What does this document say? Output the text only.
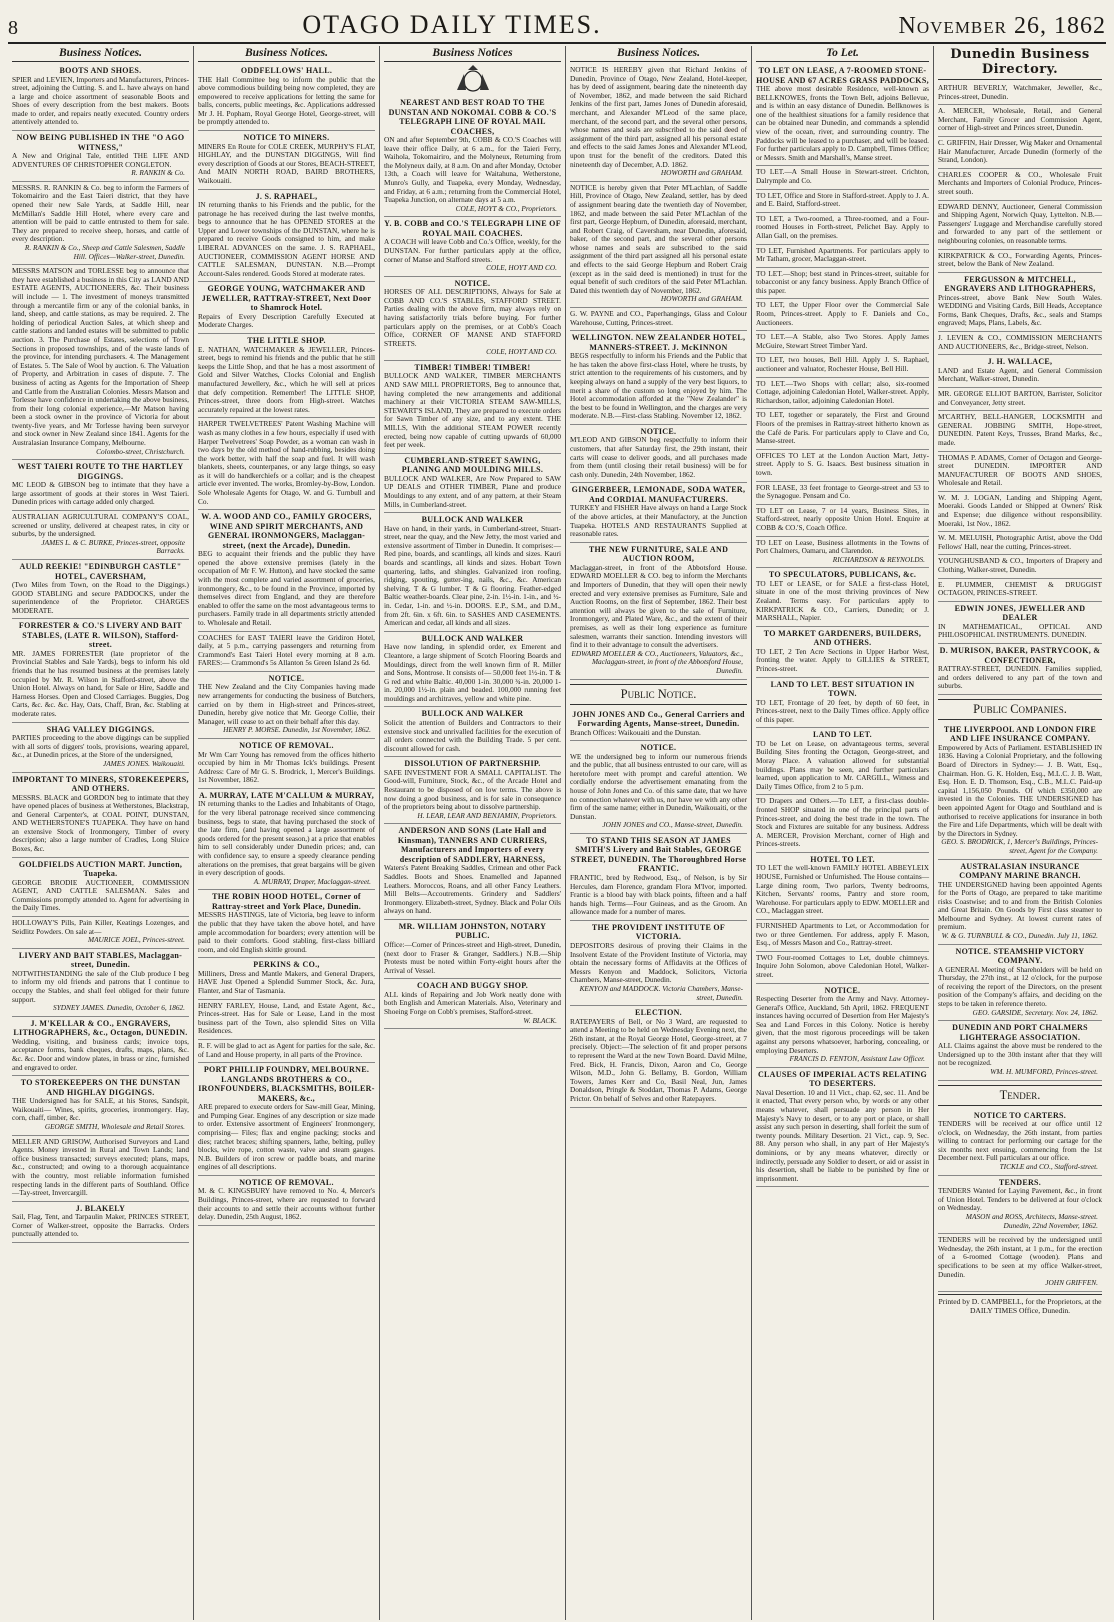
8	OTAGO DAILY TIMES.	November 26, 1862
Business Notices.
BOOTS AND SHOES.
SPIER and LEVIEN, Importers and Manufacturers, Princes-street, adjoining the Cutting. S. and L. have always on hand a large and choice assortment of seasonable Boots and Shoes of every description from the best makers. Boots made to order, and repairs neatly executed. Country orders attentively attended to.
NOW BEING PUBLISHED IN THE "O AGO WITNESS,"
A New and Original Tale, entitled THE LIFE AND ADVENTURES OF CHRISTOPHER CONGLETON.
R. RANKIN & Co.
MESSRS. R. RANKIN & Co. beg to inform the Farmers of Tokomairiro and the East Taieri district, that they have opened their new Sale Yards, at Saddle Hill, near McMillan's Saddle Hill Hotel, where every care and attention will be paid to cattle entrusted to them for sale. They are prepared to receive sheep, horses, and cattle of every description.
R. RANKIN & Co., Sheep and Cattle Salesmen, Saddle Hill. Offices—Walker-street, Dunedin.
MESSRS MATSON and TORLESSE beg to announce that they have established a business in this City as LAND AND ESTATE AGENTS, AUCTIONEERS, &c. Their business will include — 1. The investment of moneys transmitted through a mercantile firm or any of the colonial banks, in land, sheep, and cattle stations, as may be required. 2. The holding of periodical Auction Sales, at which sheep and cattle stations and landed estates will be submitted to public auction. 3. The Purchase of Estates, selections of Town Sections in proposed townships, and of the waste lands of the province, for intending purchasers. 4. The Management of Estates. 5. The Sale of Wool by auction. 6. The Valuation of Property, and Arbitration in cases of dispute. 7. The business of acting as Agents for the Importation of Sheep and Cattle from the Australian Colonies. Messrs Matson and Torlesse have confidence in undertaking the above business, from their long colonial experience,—Mr Matson having been a stock owner in the province of Victoria for about twenty-five years, and Mr Torlesse having been surveyor and stock owner in New Zealand since 1841. Agents for the Australasian Insurance Company, Melbourne.
Colombo-street, Christchurch.
WEST TAIERI ROUTE TO THE HARTLEY DIGGINGS.
MC LEOD & GIBSON beg to intimate that they have a large assortment of goods at their stores in West Taieri. Dunedin prices with cartage added only charged.
AUSTRALIAN AGRICULTURAL COMPANY'S COAL, screened or unslity, delivered at cheapest rates, in city or suburbs, by the undersigned.
JAMES L. & C. BURKE, Princes-street, opposite Barracks.
AULD REEKIE! "EDINBURGH CASTLE" HOTEL, CAVERSHAM,
(Two Miles from Town, on the Road to the Diggings.) GOOD STABLING and secure PADDOCKS, under the superintendence of the Proprietor. CHARGES MODERATE.
FORRESTER & CO.'S LIVERY AND BAIT STABLES, (LATE R. WILSON), Stafford-street.
MR. JAMES FORRESTER (late proprietor of the Provincial Stables and Sale Yards), begs to inform his old friends that he has resumed business at the premises lately occupied by Mr. R. Wilson in Stafford-street, above the Union Hotel. Always on hand, for Sale or Hire, Saddle and Harness Horses. Open and Closed Carriages. Buggies, Dog Carts, &c. &c. &c. Hay, Oats, Chaff, Bran, &c. Stabling at moderate rates.
SHAG VALLEY DIGGINGS.
PARTIES proceeding to the above diggings can be supplied with all sorts of diggers' tools, provisions, wearing apparel, &c., at Dunedin prices, at the Store of the undersigned,
JAMES JONES. Waikouaiti.
IMPORTANT TO MINERS, STOREKEEPERS, AND OTHERS.
MESSRS. BLACK and GORDON beg to intimate that they have opened places of business at Wetherstones, Blackstrap, and General Carpenter's, at COAL POINT, DUNSTAN, AND WETHERSTONE'S TUAPEKA. They have on hand an extensive Stock of Ironmongery, Timber of every description; also a large number of Cradles, Long Sluice Boxes, &c.
GOLDFIELDS AUCTION MART. Junction, Tuapeka.
GEORGE BRODIE AUCTIONEER, COMMISSION AGENT, AND CATTLE SALESMAN. Sales and Commissions promptly attended to. Agent for advertising in the Daily Times.
HOLLOWAY'S Pills, Pain Killer, Keatings Lozenges, and Seidlitz Powders. On sale at—
MAURICE JOEL, Princes-street.
LIVERY AND BAIT STABLES, Maclaggan-street, Dunedin.
NOTWITHSTANDING the sale of the Club produce I beg to inform my old friends and patrons that I continue to occupy the Stables, and shall feel obliged for their future support.
SYDNEY JAMES. Dunedin, October 6, 1862.
J. M'KELLAR & CO., ENGRAVERS, LITHOGRAPHERS, &c., Octagon, DUNEDIN.
Wedding, visiting, and business cards; invoice tops, acceptance forms, bank cheques, drafts, maps, plans, &c. &c. &c. Door and window plates, in brass or zinc, furnished and engraved to order.
TO STOREKEEPERS ON THE DUNSTAN AND HIGHLAY DIGGINGS.
THE Undersigned has for SALE, at his Stores, Sandspit, Waikouaiti— Wines, spirits, groceries, ironmongery. Hay, corn, chaff, timber, &c.
GEORGE SMITH, Wholesale and Retail Stores.
MELLER AND GRISOW, Authorised Surveyors and Land Agents. Money invested in Rural and Town Lands; land office business transacted; surveys executed; plans, maps, &c., constructed; and owing to a thorough acquaintance with the country, most reliable information furnished respecting lands in the different parts of Southland. Office—Tay-street, Invercargill.
J. BLAKELY
Sail, Flag, Tent, and Tarpaulin Maker, PRINCES STREET, Corner of Walker-street, opposite the Barracks. Orders punctually attended to.
Business Notices.
ODDFELLOWS' HALL.
THE Hall Committee beg to inform the public that the above commodious building being now completed, they are empowered to receive applications for letting the same for balls, concerts, public meetings, &c. Applications addressed Mr J. H. Popham, Royal George Hotel, George-street, will be promptly attended to.
NOTICE TO MINERS.
MINERS En Route for COLE CREEK, MURPHY'S FLAT, HIGHLAY, and the DUNSTAN DIGGINGS, Will find every description of Goods at our Stores, BEACH-STREET, And MAIN NORTH ROAD, BAIRD BROTHERS, Waikouaiti.
J. S. RAPHAEL,
IN returning thanks to his Friends and the public, for the patronage he has received during the last twelve months, begs to announce that he has OPENED STORES at the Upper and Lower townships of the DUNSTAN, where he is prepared to receive Goods consigned to him, and make LIBERAL ADVANCES on the same. J. S. RAPHAEL, AUCTIONEER, COMMISSION AGENT HORSE AND CATTLE SALESMAN, DUNSTAN. N.B.—Prompt Account-Sales rendered. Goods Stored at moderate rates.
GEORGE YOUNG, WATCHMAKER AND JEWELLER, RATTRAY-STREET, Next Door to Shamrock Hotel.
Repairs of Every Description Carefully Executed at Moderate Charges.
THE LITTLE SHOP.
E. NATHAN, WATCHMAKER & JEWELLER, Princes-street, begs to remind his friends and the public that he still keeps the Little Shop, and that he has a most assortment of Gold and Silver Watches, Clocks Colonial and English manufactured Jewellery, &c., which he will sell at prices that defy competition. Remember! The LITTLE SHOP, Princes-street, three doors from High-street. Watches accurately repaired at the lowest rates.
HARPER TWELVETREES' Patent Washing Machine will wash as many clothes in a few hours, especially if used with Harper Twelvetrees' Soap Powder, as a woman can wash in two days by the old method of hand-rubbing, besides doing the work better, with half the soap and fuel. It will wash blankets, sheets, counterpanes, or any large things, so easy as it will do handkerchiefs or a collar; and is the cheapest article ever invented. The works, Bromley-by-Bow, London. Sole Wholesale Agents for Otago, W. and G. Turnbull and Co.
W. A. WOOD AND CO., FAMILY GROCERS, WINE AND SPIRIT MERCHANTS, AND GENERAL IRONMONGERS, Maclaggan-street, (next the Arcade), Dunedin.
BEG to acquaint their friends and the public they have opened the above extensive premises (lately in the occupation of Mr F. W. Hutton), and have stocked the same with the most complete and varied assortment of groceries, ironmongery, &c., to be found in the Province, imported by themselves direct from England, and they are therefore enabled to offer the same on the most advantageous terms to purchasers. Family trade in all departments strictly attended to. Wholesale and Retail.
COACHES for EAST TAIERI leave the Gridiron Hotel, daily, at 5 p.m., carrying passengers and returning from Crammond's East Taieri Hotel every morning at 8 a.m. FARES:— Crammond's 5s Allanton 5s Green Island 2s 6d.
NOTICE.
THE New Zealand and the City Companies having made new arrangements for conducting the business of Butchers, carried on by them in High-street and Princes-street, Dunedin, hereby give notice that Mr. George Collie, their Manager, will cease to act on their behalf after this day.
HENRY P. MORSE. Dunedin, 1st November, 1862.
NOTICE OF REMOVAL.
Mr Wm Carr Young has removed from the offices hitherto occupied by him in Mr Thomas Ick's buildings. Present Address: Care of Mr G. S. Brodrick, 1, Mercer's Buildings. 1st November, 1862.
A. MURRAY, LATE M'CALLUM & MURRAY,
IN returning thanks to the Ladies and Inhabitants of Otago, for the very liberal patronage received since commencing business, begs to state, that having purchased the stock of the late firm, (and having opened a large assortment of goods ordered for the present season,) at a price that enables him to sell considerably under Dunedin prices; and, can with confidence say, to ensure a speedy clearance pending alterations on the premises, that great bargains will be given in every description of goods.
A. MURRAY, Draper, Maclaggan-street.
THE ROBIN HOOD HOTEL, Corner of Rattray-street and York Place, Dunedin.
MESSRS HASTINGS, late of Victoria, beg leave to inform the public that they have taken the above hotel, and have ample accommodation for boarders; every attention will be paid to their comforts. Good stabling, first-class billiard room, and old English skittle ground.
PERKINS & CO.,
Milliners, Dress and Mantle Makers, and General Drapers, HAVE Just Opened a Splendid Summer Stock, &c. Jura, Flanter, and Star of Tasmania.
HENRY FARLEY, House, Land, and Estate Agent, &c., Princes-street. Has for Sale or Lease, Land in the most business part of the Town, also splendid Sites on Villa Residences.
R. F. will be glad to act as Agent for parties for the sale, &c. of Land and House property, in all parts of the Province.
PORT PHILLIP FOUNDRY, MELBOURNE. LANGLANDS BROTHERS & CO., IRONFOUNDERS, BLACKSMITHS, BOILER-MAKERS, &c.,
ARE prepared to execute orders for Saw-mill Gear, Mining, and Pumping Gear. Engines of any description or size made to order. Extensive assortment of Engineers' Ironmongery, comprising— Files; flax and engine packing; stocks and dies; ratchet braces; shifting spanners, lathe, belting, pulley blocks, wire rope, cotton waste, valve and steam gauges. N.B. Builders of iron screw or paddle boats, and marine engines of all descriptions.
NOTICE OF REMOVAL.
M. & C. KINGSBURY have removed to No. 4, Mercer's Buildings, Princes-street, where are requested to forward their accounts to and settle their accounts without further delay. Dunedin, 25th August, 1862.
Business Notices
NEAREST AND BEST ROAD TO THE DUNSTAN AND NOKOMAI. COBB & CO.'S TELEGRAPH LINE OF ROYAL MAIL COACHES,
ON and after September 9th, COBB & CO.'S Coaches will leave their office Daily, at 6 a.m., for the Taieri Ferry, Waihola, Tokomairiro, and the Molyneux, Returning from the Molyneux daily, at 8 a.m. On and after Monday, October 13th, a Coach will leave for Waitahuna, Wetherstone, Munro's Gully, and Tuapeka, every Monday, Wednesday, and Friday, at 6 a.m.; returning from the Commercial Hotel, Tuapeka Junction, on alternate days at 5 a.m.
COLE, HOYT & CO., Proprietors.
Y. B. COBB and CO.'S TELEGRAPH LINE OF ROYAL MAIL COACHES.
A COACH will leave Cobb and Co.'s Office, weekly, for the DUNSTAN. For further particulars apply at the office, corner of Manse and Stafford streets.
COLE, HOYT AND CO.
NOTICE.
HORSES OF ALL DESCRIPTIONS, Always for Sale at COBB AND CO.'S STABLES, STAFFORD STREET. Parties dealing with the above firm, may always rely on having satisfactorily trials before buying. For further particulars apply on the premises, or at Cobb's Coach Office, CORNER OF MANSE AND STAFFORD STREETS.
COLE, HOYT AND CO.
TIMBER! TIMBER! TIMBER!
BULLOCK AND WALKER, TIMBER MERCHANTS AND SAW MILL PROPRIETORS, Beg to announce that, having completed the new arrangements and additional machinery at their VICTORIA STEAM SAW-MILLS, STEWART'S ISLAND, They are prepared to execute orders for Sawn Timber of any size, and to any extent. THE MILLS, With the additional STEAM POWER recently erected, being now capable of cutting upwards of 60,000 feet per week.
CUMBERLAND-STREET SAWING, PLANING AND MOULDING MILLS.
BULLOCK AND WALKER, Are Now Prepared to SAW UP DEALS and OTHER TIMBER, Plane and produce Mouldings to any extent, and of any pattern, at their Steam Mills, in Cumberland-street.
BULLOCK AND WALKER
Have on hand, in their yards, in Cumberland-street, Stuart-street, near the quay, and the New Jetty, the most varied and extensive assortment of Timber in Dunedin. It comprises:— Red pine, boards, and scantlings, all kinds and sizes. Kauri boards and scantlings, all kinds and sizes. Hobart Town quartering, laths, and shingles. Galvanized iron roofing, ridging, spouting, gutter-ing, nails, &c., &c. American shelving. T & G lumber. T & G flooring. Feather-edged Baltic weather-boards. Clear pine, 2-in. 1½-in. 1-in., and ½-in. Cedar, 1-in. and ½-in. DOORS. E.P., S.M., and D.M., from 2ft. 6in. x 6ft. 6in. to SASHES AND CASEMENTS. American and cedar, all kinds and all sizes.
BULLOCK AND WALKER
Have now landing, in splendid order, ex Emerent and Cleantore, a large shipment of Scotch Flooring Boards and Mouldings, direct from the well known firm of R. Miller and Sons, Montrose. It consists of— 50,000 feet 1½-in. T & G red and white Baltic. 40,000 1-in. 30,000 ¾-in. 20,000 1-in. 20,000 1½-in. plain and beaded. 100,000 running feet mouldings and architraves, yellow and white pine.
BULLOCK AND WALKER
Solicit the attention of Builders and Contractors to their extensive stock and unrivalled facilities for the execution of all orders connected with the Building Trade. 5 per cent. discount allowed for cash.
DISSOLUTION OF PARTNERSHIP.
SAFE INVESTMENT FOR A SMALL CAPITALIST. The Good-will, Furniture, Stock, &c., of the Arcade Hotel and Restaurant to be disposed of on low terms. The above is now doing a good business, and is for sale in consequence of the proprietors being about to dissolve partnership.
H. LEAR, LEAR AND BENJAMIN, Proprietors.
ANDERSON AND SONS (Late Hall and Kinsman), TANNERS AND CURRIERS, Manufacturers and Importers of every description of SADDLERY, HARNESS,
Waters's Patent Breaking Saddles, Crimean and other Pack Saddles. Boots and Shoes. Enamelled and Japanned Leathers. Moroccos, Roans, and all other Fancy Leathers. Mill Belts—Accoutrements. Grindery and Saddlers' Ironmongery. Elizabeth-street, Sydney. Black and Polar Oils always on hand.
MR. WILLIAM JOHNSTON, NOTARY PUBLIC.
Office:—Corner of Princes-street and High-street, Dunedin, (next door to Fraser & Granger, Saddlers.) N.B.—Ship Protests must be noted within Forty-eight hours after the Arrival of Vessel.
COACH AND BUGGY SHOP.
ALL kinds of Repairing and Job Work neatly done with both English and American Materials. Also, Veterinary and Shoeing Forge on Cobb's premises, Stafford-street.
W. BLACK.
Business Notices.
NOTICE IS HEREBY given that Richard Jenkins of Dunedin, Province of Otago, New Zealand, Hotel-keeper, has by deed of assignment, bearing date the nineteenth day of November, 1862, and made between the said Richard Jenkins of the first part, James Jones of Dunedin aforesaid, merchant, and Alexander M'Leod of the same place, merchant, of the second part, and the several other persons, whose names and seals are subscribed to the said deed of assignment of the third part, assigned all his personal estate and effects to the said James Jones and Alexander M'Leod, upon trust for the benefit of the creditors. Dated this nineteenth day of December, A.D. 1862.
HOWORTH and GRAHAM.
NOTICE is hereby given that Peter M'Lachlan, of Saddle Hill, Province of Otago, New Zealand, settler, has by deed of assignment bearing date the twentieth day of November, 1862, and made between the said Peter M'Lachlan of the first part, George Hepburn, of Dunedin, aforesaid, merchant, and Robert Craig, of Caversham, near Dunedin, aforesaid, baker, of the second part, and the several other persons whose names and seals are subscribed to the said assignment of the third part assigned all his personal estate and effects to the said George Hepburn and Robert Craig (except as in the said deed is mentioned) in trust for the equal benefit of such creditors of the said Peter M'Lachlan. Dated this twentieth day of November, 1862.
HOWORTH and GRAHAM.
G. W. PAYNE and CO., Paperhangings, Glass and Colour Warehouse, Cutting, Princes-street.
WELLINGTON. NEW ZEALANDER HOTEL, MANNERS-STREET. J. McKINNON
BEGS respectfully to inform his Friends and the Public that he has taken the above first-class Hotel, where he trusts, by strict attention to the requirements of his customers, and by keeping always on hand a supply of the very best liquors, to merit a share of the custom so long enjoyed by him. The Hotel accommodation afforded at the "New Zealander" is the best to be found in Wellington, and the charges are very moderate. N.B.—First-class Stabling. November 12, 1862.
NOTICE.
M'LEOD AND GIBSON beg respectfully to inform their customers, that after Saturday first, the 29th instant, their carts will cease to deliver goods, and all purchases made from them (until closing their retail business) will be for cash only. Dunedin, 24th November, 1862.
GINGERBEER, LEMONADE, SODA WATER, And CORDIAL MANUFACTURERS.
TURKEY and FISHER Have always on hand a Large Stock of the above articles, at their Manufactory, at the Junction Tuapeka. HOTELS AND RESTAURANTS Supplied at reasonable rates.
THE NEW FURNITURE, SALE AND AUCTION ROOM,
Maclaggan-street, in front of the Abbotsford House. EDWARD MOELLER & CO. beg to inform the Merchants and Importers of Dunedin, that they will open their newly erected and very extensive premises as Furniture, Sale and Auction Rooms, on the first of September, 1862. Their best attention will always be given to the sale of Furniture, Ironmongery, and Plated Ware, &c., and the extent of their premises, as well as their long experience as furniture salesmen, warrants their sanction. Intending investors will find it to their advantage to consult the advertisers.
EDWARD MOELLER & CO., Auctioneers, Valuators, &c., Maclaggan-street, in front of the Abbotsford House, Dunedin.
Public Notice.
JOHN JONES AND Co., General Carriers and Forwarding Agents, Manse-street, Dunedin.
Branch Offices: Waikouaiti and the Dunstan.
NOTICE.
WE the undersigned beg to inform our numerous friends and the public, that all business entrusted to our care, will as heretofore meet with prompt and careful attention. We cordially endorse the advertisement emanating from the house of John Jones and Co. of this same date, that we have no connection whatever with us, nor have we with any other firm of the same name; either in Dunedin, Waikouaiti, or the Dunstan.
JOHN JONES and CO., Manse-street, Dunedin.
TO STAND THIS SEASON AT JAMES SMITH'S Livery and Bait Stables, GEORGE STREET, DUNEDIN. The Thoroughbred Horse FRANTIC.
FRANTIC, bred by Redwood, Esq., of Nelson, is by Sir Hercules, dam Florence, grandam Flora M'Ivor, imported. Frantic is a blood bay with black points, fifteen and a half hands high. Terms—Four Guineas, and as the Groom. An allowance made for a number of mares.
THE PROVIDENT INSTITUTE OF VICTORIA.
DEPOSITORS desirous of proving their Claims in the Insolvent Estate of the Provident Institute of Victoria, may obtain the necessary forms of Affidavits at the Offices of Messrs Kenyon and Maddock, Solicitors, Victoria Chambers, Manse-street, Dunedin.
KENYON and MADDOCK. Victoria Chambers, Manse-street, Dunedin.
ELECTION.
RATEPAYERS of Bell, or No 3 Ward, are requested to attend a Meeting to be held on Wednesday Evening next, the 26th instant, at the Royal George Hotel, George-street, at 7 precisely. Object:—The selection of fit and proper persons to represent the Ward at the new Town Board. David Milne, Fred. Bick, H. Francis, Dixon, Aaron and Co, George Wilson, M.D., John G. Bellamy, B. Gordon, William Towers, James Kerr and Co, Basil Neal, Jun, James Donaldson, Pringle & Stoddart, Thomas P. Adams, George Prictor. On behalf of Selves and other Ratepayers.
To Let.
TO LET ON LEASE, A 7-ROOMED STONE-HOUSE AND 67 ACRES GRASS PADDOCKS,
THE above most desirable Residence, well-known as BELLKNOWES, fronts the Town Belt, adjoins Bellevue, and is within an easy distance of Dunedin. Bellknowes is one of the healthiest situations for a family residence that can be obtained near Dunedin, and commands a splendid view of the ocean, river, and surrounding country. The Paddocks will be leased to a purchaser, and will be leased. For further particulars apply to D. Campbell, Times Office; or Messrs. Smith and Marshall's, Manse street.
TO LET.—A Small House in Stewart-street. Crichton, Dalrymple and Co.
TO LET, Office and Store in Stafford-street. Apply to J. A. and E. Baird, Stafford-street.
TO LET, a Two-roomed, a Three-roomed, and a Four-roomed Houses in Forth-street, Pelichet Bay. Apply to Allan Gall, on the premises.
TO LET, Furnished Apartments. For particulars apply to Mr Tatham, grocer, Maclaggan-street.
TO LET.—Shop; best stand in Princes-street, suitable for tobacconist or any fancy business. Apply Branch Office of this paper.
TO LET, the Upper Floor over the Commercial Sale Room, Princes-street. Apply to F. Daniels and Co., Auctioneers.
TO LET.—A Stable, also Two Stores. Apply James McGuire, Stewart Street Timber Yard.
TO LET, two houses, Bell Hill. Apply J. S. Raphael, auctioneer and valuator, Rochester House, Bell Hill.
TO LET.—Two Shops with cellar; also, six-roomed Cottage, adjoining Caledonian Hotel, Walker-street. Apply, Richardson, tailor, adjoining Caledonian Hotel.
TO LET, together or separately, the First and Ground Floors of the premises in Rattray-street hitherto known as the Café de Paris. For particulars apply to Clave and Co, Manse-street.
OFFICES TO LET at the London Auction Mart, Jetty-street. Apply to S. G. Isaacs. Best business situation in town.
FOR LEASE, 33 feet frontage to George-street and 53 to the Synagogue. Pensam and Co.
TO LET on Lease, 7 or 14 years, Business Sites, in Stafford-street, nearly opposite Union Hotel. Enquire at COBB & CO.'S, Coach Office.
TO LET on Lease, Business allotments in the Towns of Port Chalmers, Oamaru, and Clarendon.
RICHARDSON & REYNOLDS.
TO SPECULATORS, PUBLICANS, &c.
TO LET or LEASE, or for SALE a first-class Hotel, situate in one of the most thriving provinces of New Zealand. Terms easy. For particulars apply to KIRKPATRICK & CO., Carriers, Dunedin; or J. MARSHALL, Napier.
TO MARKET GARDENERS, BUILDERS, AND OTHERS.
TO LET, 2 Ten Acre Sections in Upper Harbor West, fronting the water. Apply to GILLIES & STREET, Princes-street.
LAND TO LET. BEST SITUATION IN TOWN.
TO LET, Frontage of 20 feet, by depth of 60 feet, in Princes-street, next to the Daily Times office. Apply office of this paper.
LAND TO LET.
TO be Let on Lease, on advantageous terms, several Building Sites fronting the Octagon, George-street, and Moray Place. A valuation allowed for substantial buildings. Plans may be seen, and further particulars learned, upon application to Mr. CARGILL, Witness and Daily Times Office, from 2 to 5 p.m.
TO Drapers and Others.—To LET, a first-class double-fronted SHOP situated in one of the principal parts of Princes-street, and doing the best trade in the town. The Stock and Fixtures are suitable for any business. Address A. MERCER, Provision Merchant, corner of High and Princes-streets.
HOTEL TO LET.
TO LET the well-known FAMILY HOTEL ABBEYLEIX HOUSE, Furnished or Unfurnished. The House contains— Large dining room, Two parlors, Twenty bedrooms, Kitchen, Servants' rooms, Pantry and store room, Warehouse. For particulars apply to EDW. MOELLER and CO., Maclaggan street.
FURNISHED Apartments to Let, or Accommodation for two or three Gentlemen. For address, apply F. Mason, Esq., of Messrs Mason and Co., Rattray-street.
TWO Four-roomed Cottages to Let, double chimneys. Inquire John Solomon, above Caledonian Hotel, Walker-street.
NOTICE.
Respecting Deserter from the Army and Navy. Attorney-General's Office, Auckland, 5th April, 1862. FREQUENT instances having occurred of Desertion from Her Majesty's Sea and Land Forces in this Colony. Notice is hereby given, that the most rigorous proceedings will be taken against any persons whatsoever, harboring, concealing, or employing Deserters.
FRANCIS D. FENTON, Assistant Law Officer.
CLAUSES OF IMPERIAL ACTS RELATING TO DESERTERS.
Naval Desertion. 10 and 11 Vict., chap. 62, sec. 11. And be it enacted, That every person who, by words or any other means whatever, shall persuade any person in Her Majesty's Navy to desert, or to any port or place, or shall assist any such person in deserting, shall forfeit the sum of twenty pounds. Military Desertion. 21 Vict., cap. 9, Sec. 88. Any person who shall, in any part of Her Majesty's dominions, or by any means whatever, directly or indirectly, persuade any Soldier to desert, or aid or assist in his desertion, shall be liable to be punished by fine or imprisonment.
Dunedin Business Directory.
ARTHUR BEVERLY, Watchmaker, Jeweller, &c., Princes-street, Dunedin.
A. MERCER, Wholesale, Retail, and General Merchant, Family Grocer and Commission Agent, corner of High-street and Princes street, Dunedin.
C. GRIFFIN, Hair Dresser, Wig Maker and Ornamental Hair Manufacturer, Arcade Dunedin (formerly of the Strand, London).
CHARLES COOPER & CO., Wholesale Fruit Merchants and Importers of Colonial Produce, Princes-street south.
EDWARD DENNY, Auctioneer, General Commission and Shipping Agent, Norwich Quay, Lyttelton. N.B.—Passengers' Luggage and Merchandise carefully stored and forwarded to any part of the settlement or neighbouring colonies, on reasonable terms.
KIRKPATRICK & CO., Forwarding Agents, Princes-street, below the Bank of New Zealand.
FERGUSSON & MITCHELL, ENGRAVERS AND LITHOGRAPHERS,
Princes-street, above Bank New South Wales. WEDDING and Visiting Cards, Bill Heads, Acceptance Forms, Bank Cheques, Drafts, &c., seals and Stamps engraved; Maps, Plans, Labels, &c.
J. LEVIEN & CO., COMMISSION MERCHANTS AND AUCTIONEERS, &c., Bridge-street, Nelson.
J. H. WALLACE,
LAND and Estate Agent, and General Commission Merchant, Walker-street, Dunedin.
MR. GEORGE ELLIOT BARTON, Barrister, Solicitor and Conveyancer, Jetty street.
M'CARTHY, BELL-HANGER, LOCKSMITH and GENERAL JOBBING SMITH, Hope-street, DUNEDIN. Patent Keys, Trusses, Brand Marks, &c., made.
THOMAS P. ADAMS, Corner of Octagon and George-street DUNEDIN. IMPORTER AND MANUFACTURER OF BOOTS AND SHOES, Wholesale and Retail.
W. M. J. LOGAN, Landing and Shipping Agent, Moeraki. Goods Landed or Shipped at Owners' Risk and Expense; due diligence without responsibility. Moeraki, 1st Nov., 1862.
W. M. MELUISH, Photographic Artist, above the Odd Fellows' Hall, near the cutting, Princes-street.
YOUNGHUSBAND & CO., Importers of Drapery and Clothing, Walker-street, Dunedin.
E. PLUMMER, CHEMIST & DRUGGIST OCTAGON, PRINCES-STREET.
EDWIN JONES, JEWELLER AND DEALER
IN MATHEMATICAL, OPTICAL AND PHILOSOPHICAL INSTRUMENTS. DUNEDIN.
D. MURISON, BAKER, PASTRYCOOK, & CONFECTIONER,
RATTRAY-STREET, DUNEDIN. Families supplied, and orders delivered to any part of the town and suburbs.
Public Companies.
THE LIVERPOOL AND LONDON FIRE AND LIFE INSURANCE COMPANY.
Empowered by Acts of Parliament. ESTABLISHED IN 1836. Having a Colonial Proprietary, and the following Board of Directors in Sydney:— J. B. Watt, Esq., Chairman. Hon. G. K. Holden, Esq., M.L.C. J. B. Watt, Esq. Hon. E. D. Thomson, Esq., C.B., M.L.C. Paid-up capital 1,156,050 Pounds. Of which £350,000 are invested in the Colonies. THE UNDERSIGNED has been appointed Agent for Otago and Southland and is authorised to receive applications for insurance in both the Fire and Life Departments, which will be dealt with by the Directors in Sydney.
GEO. S. BRODRICK, 1, Mercer's Buildings, Princes-street, Agent for the Company.
AUSTRALASIAN INSURANCE COMPANY MARINE BRANCH.
THE UNDERSIGNED having been appointed Agents for the Ports of Otago, are prepared to take maritime risks Coastwise; and to and from the British Colonies and Great Britain. On Goods by First class steamer to Melbourne and Sydney. At lowest current rates of premium.
W. & G. TURNBULL & CO., Dunedin. July 11, 1862.
NOTICE. STEAMSHIP VICTORY COMPANY.
A GENERAL Meeting of Shareholders will be held on Thursday, the 27th inst., at 12 o'clock, for the purpose of receiving the report of the Directors, on the present position of the Company's affairs, and deciding on the steps to be taken in reference thereto.
GEO. GARSIDE, Secretary. Nov. 24, 1862.
DUNEDIN AND PORT CHALMERS LIGHTERAGE ASSOCIATION.
ALL Claims against the above must be rendered to the Undersigned up to the 30th instant after that they will not be recognized.
WM. H. MUMFORD, Princes-street.
Tender.
NOTICE TO CARTERS.
TENDERS will be received at our office until 12 o'clock, on Wednesday, the 26th instant, from parties willing to contract for performing our cartage for the six months next ensuing, commencing from the 1st December next. Full particulars at our office.
TICKLE and CO., Stafford-street.
TENDERS.
TENDERS Wanted for Laying Pavement, &c., in front of Union Hotel. Tenders to be delivered at four o'clock on Wednesday.
MASON and ROSS, Architects, Manse-street. Dunedin, 22nd November, 1862.
TENDERS will be received by the undersigned until Wednesday, the 26th instant, at 1 p.m., for the erection of a 6-roomed Cottage (wooden). Plans and specifications to be seen at my office Walker-street, Dunedin.
JOHN GRIFFEN.
Printed by D. CAMPBELL, for the Proprietors, at the DAILY TIMES Office, Dunedin.
